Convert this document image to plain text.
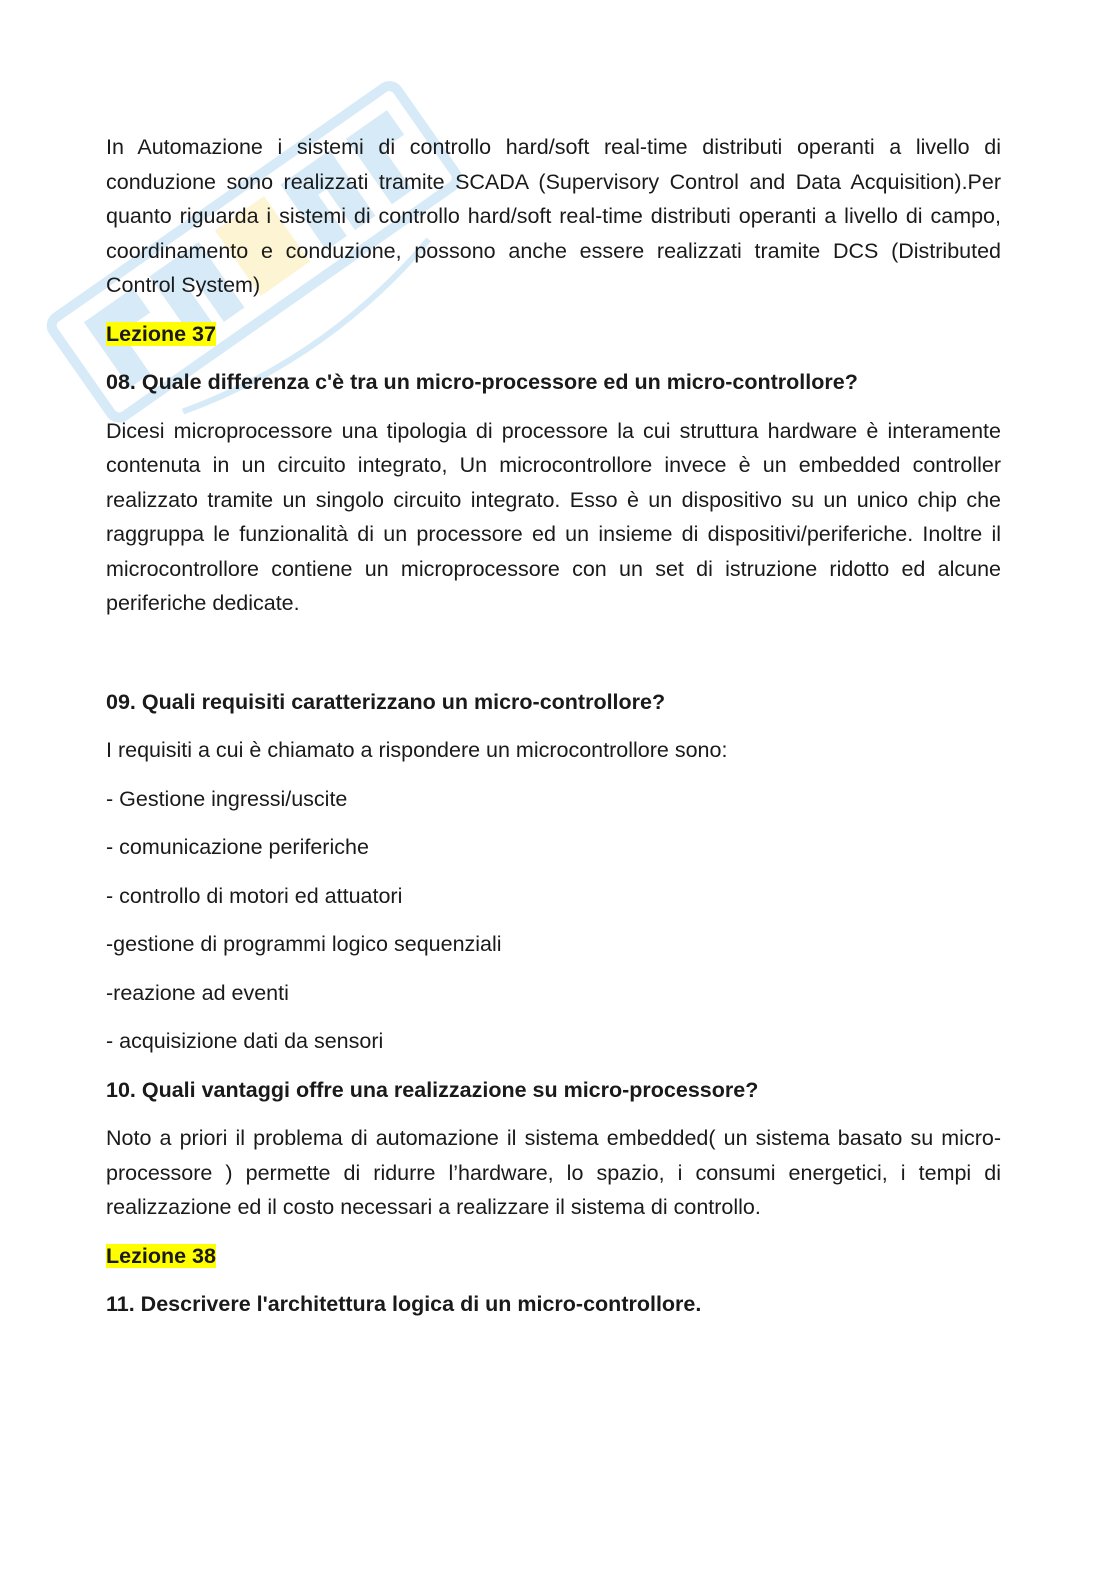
In Automazione i sistemi di controllo hard/soft real-time distributi operanti a livello di conduzione sono realizzati tramite SCADA (Supervisory Control and Data Acquisition).Per quanto riguarda i sistemi di controllo hard/soft real-time distributi operanti a livello di campo, coordinamento e conduzione, possono anche essere realizzati tramite DCS (Distributed Control System)

Lezione 37

08. Quale differenza c'è tra un micro-processore ed un micro-controllore?

Dicesi microprocessore una tipologia di processore la cui struttura hardware è interamente contenuta in un circuito integrato, Un microcontrollore invece è un embedded controller realizzato tramite un singolo circuito integrato. Esso è un dispositivo su un unico chip che raggruppa le funzionalità di un processore ed un insieme di dispositivi/periferiche. Inoltre il microcontrollore contiene un microprocessore con un set di istruzione ridotto ed alcune periferiche dedicate.

09. Quali requisiti caratterizzano un micro-controllore?

I requisiti a cui è chiamato a rispondere un microcontrollore sono:

- Gestione ingressi/uscite

- comunicazione periferiche

- controllo di motori ed attuatori

-gestione di programmi logico sequenziali

-reazione ad eventi

- acquisizione dati da sensori

10. Quali vantaggi offre una realizzazione su micro-processore?

Noto a priori il problema di automazione il sistema embedded( un sistema basato su micro-processore ) permette di ridurre l’hardware, lo spazio, i consumi energetici, i tempi di realizzazione ed il costo necessari a realizzare il sistema di controllo.

Lezione 38

11. Descrivere l'architettura logica di un micro-controllore.
